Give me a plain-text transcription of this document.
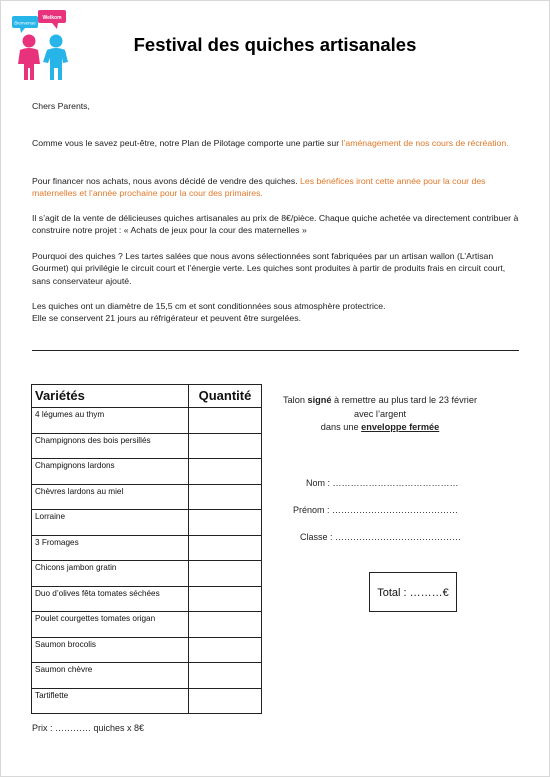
Bienvenue
Welkom
Festival des quiches artisanales
Chers Parents,
Comme vous le savez peut-être, notre Plan de Pilotage comporte une partie sur l’aménagement de nos cours de récréation.
Pour financer nos achats, nous avons décidé de vendre des quiches. Les bénéfices iront cette année pour la cour des maternelles et l’année prochaine pour la cour des primaires.
Il s’agit de la vente de délicieuses quiches artisanales au prix de 8€/pièce. Chaque quiche achetée va directement contribuer à construire notre projet : « Achats de jeux pour la cour des maternelles »
Pourquoi des quiches ? Les tartes salées que nous avons sélectionnées sont fabriquées par un artisan wallon (L’Artisan Gourmet) qui privilégie le circuit court et l’énergie verte. Les quiches sont produites à partir de produits frais en circuit court, sans conservateur ajouté.
Les quiches ont un diamètre de 15,5 cm et sont conditionnées sous atmosphère protectrice.
Elle se conservent 21 jours au réfrigérateur et peuvent être surgelées.
Variétés	Quantité
4 légumes au thym	
Champignons des bois persillés	
Champignons lardons	
Chèvres lardons au miel	
Lorraine	
3 Fromages	
Chicons jambon gratin	
Duo d’olives fêta tomates séchées	
Poulet courgettes tomates origan	
Saumon brocolis	
Saumon chèvre	
Tartiflette	
Talon signé à remettre au plus tard le 23 février
avec l’argent
dans une enveloppe fermée
Nom : ……………………………………
Prénom : ……………………………………
Classe : ……………………………………
Total : ………€
Prix : ………… quiches x 8€
